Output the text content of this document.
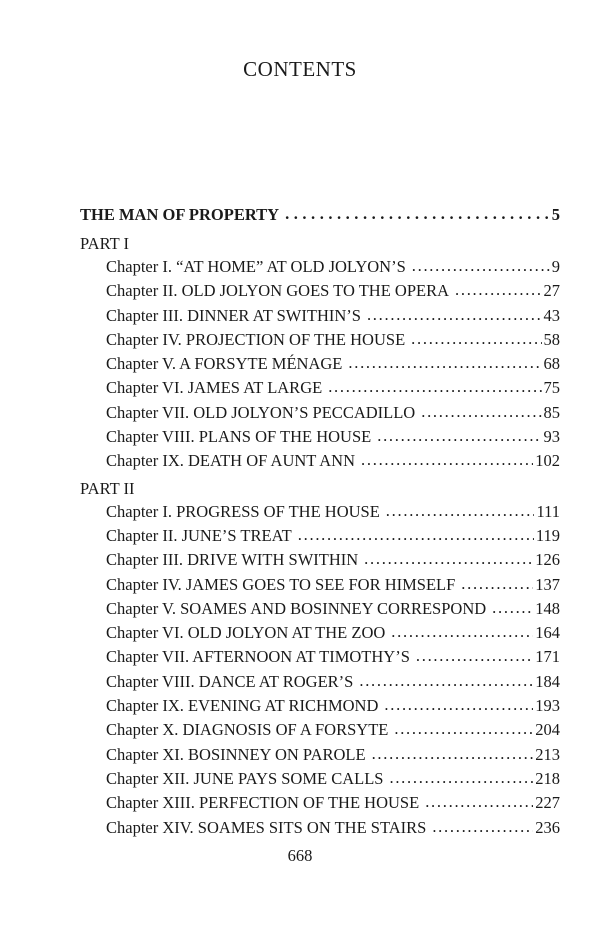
CONTENTS
THE MAN OF PROPERTY . . .	5
PART I
Chapter I. “AT HOME” AT OLD JOLYON’S . . .	9
Chapter II. OLD JOLYON GOES TO THE OPERA . . .	27
Chapter III. DINNER AT SWITHIN’S . . .	43
Chapter IV. PROJECTION OF THE HOUSE . . .	58
Chapter V. A FORSYTE MÉNAGE . . .	68
Chapter VI. JAMES AT LARGE . . .	75
Chapter VII. OLD JOLYON’S PECCADILLO . . .	85
Chapter VIII. PLANS OF THE HOUSE . . .	93
Chapter IX. DEATH OF AUNT ANN . . .	102
PART II
Chapter I. PROGRESS OF THE HOUSE . . .	111
Chapter II. JUNE’S TREAT . . .	119
Chapter III. DRIVE WITH SWITHIN . . .	126
Chapter IV. JAMES GOES TO SEE FOR HIMSELF . . .	137
Chapter V. SOAMES AND BOSINNEY CORRESPOND . . .	148
Chapter VI. OLD JOLYON AT THE ZOO . . .	164
Chapter VII. AFTERNOON AT TIMOTHY’S . . .	171
Chapter VIII. DANCE AT ROGER’S . . .	184
Chapter IX. EVENING AT RICHMOND . . .	193
Chapter X. DIAGNOSIS OF A FORSYTE . . .	204
Chapter XI. BOSINNEY ON PAROLE . . .	213
Chapter XII. JUNE PAYS SOME CALLS . . .	218
Chapter XIII. PERFECTION OF THE HOUSE . . .	227
Chapter XIV. SOAMES SITS ON THE STAIRS . . .	236
668
